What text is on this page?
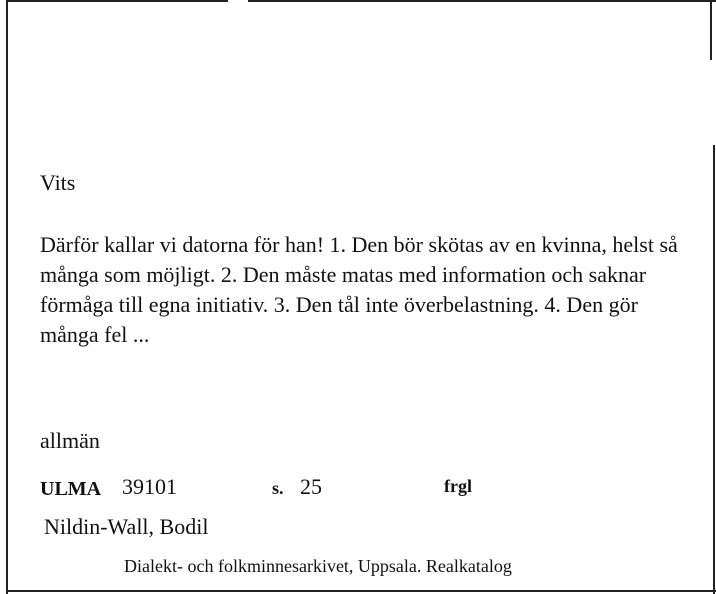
Vits

Därför kallar vi datorna för han! 1. Den bör skötas av en kvinna, helst så många som möjligt. 2. Den måste matas med information och saknar förmåga till egna initiativ. 3. Den tål inte överbelastning. 4. Den gör många fel ...

allmän
ULMA 39101	s. 25	frgl
Nildin-Wall, Bodil
Dialekt- och folkminnesarkivet, Uppsala. Realkatalog
